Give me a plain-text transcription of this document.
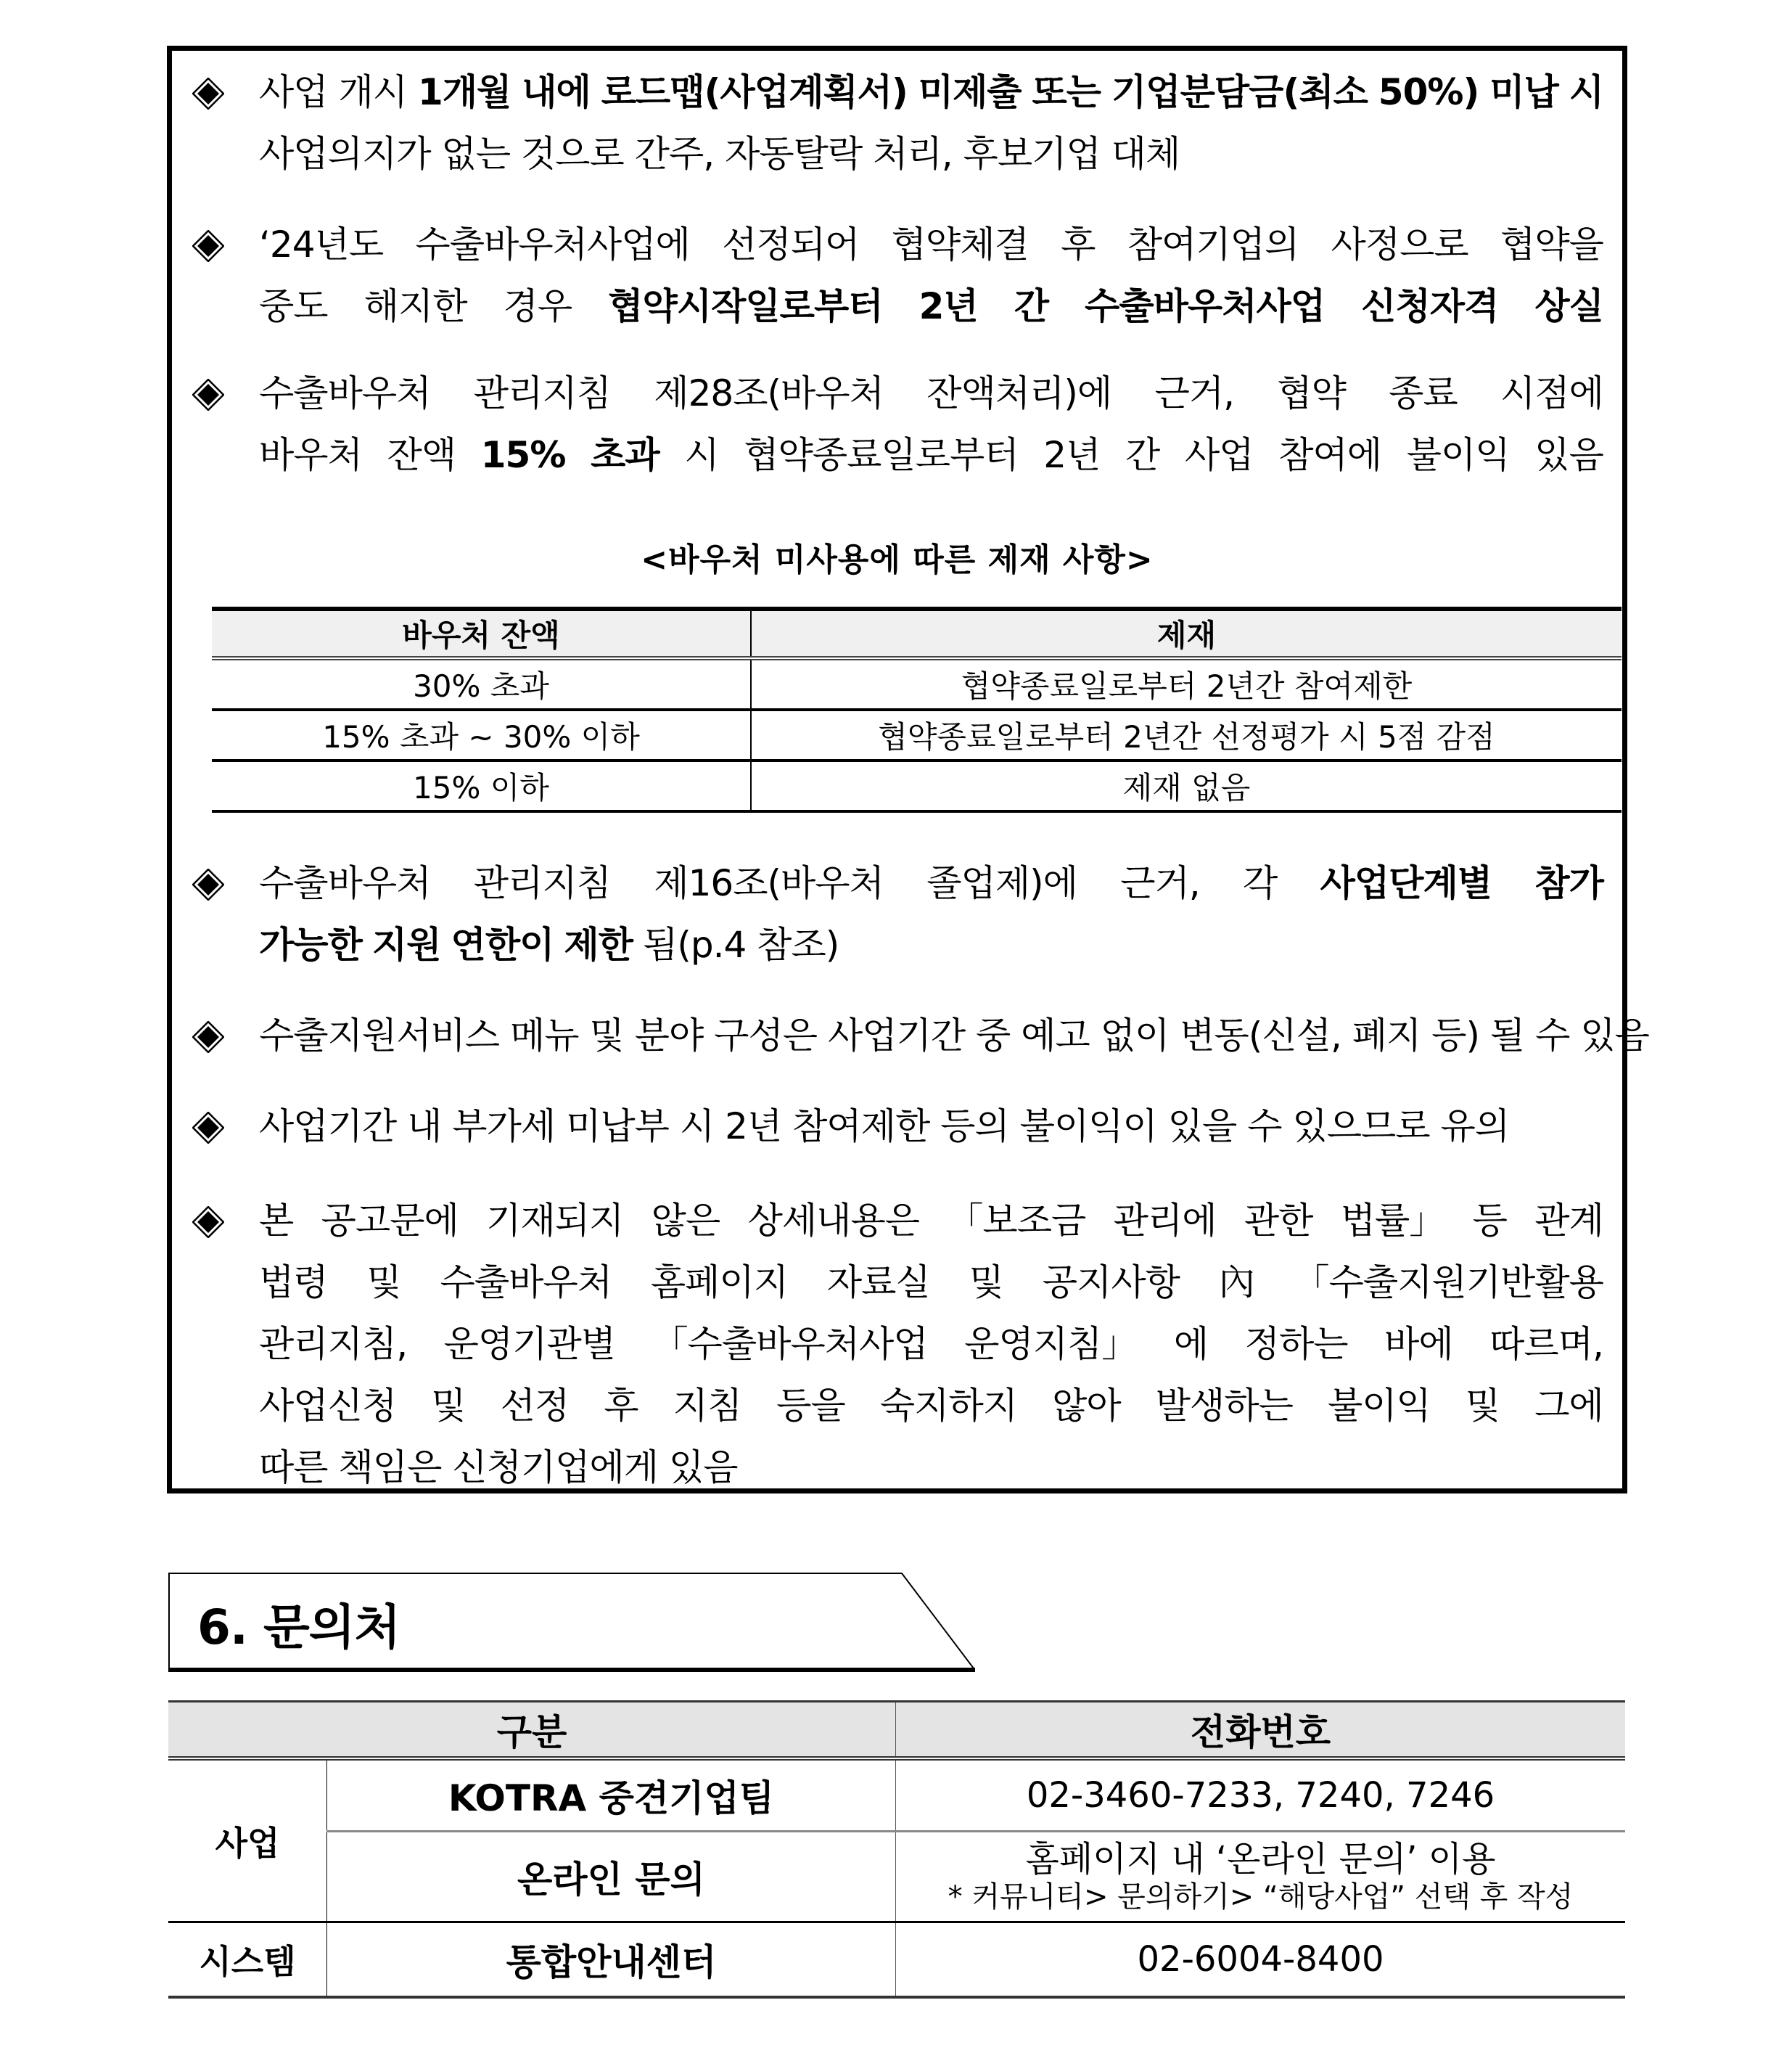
사업 개시 1개월 내에 로드맵(사업계획서) 미제출 또는 기업분담금(최소 50%) 미납 시
사업의지가 없는 것으로 간주, 자동탈락 처리, 후보기업 대체
‘24년도 수출바우처사업에 선정되어 협약체결 후 참여기업의 사정으로 협약을
중도 해지한 경우 협약시작일로부터 2년 간 수출바우처사업 신청자격 상실
수출바우처 관리지침 제28조(바우처 잔액처리)에 근거, 협약 종료 시점에
바우처 잔액 15% 초과 시 협약종료일로부터 2년 간 사업 참여에 불이익 있음
<바우처 미사용에 따른 제재 사항>
바우처 잔액	제재
30% 초과	협약종료일로부터 2년간 참여제한
15% 초과 ~ 30% 이하	협약종료일로부터 2년간 선정평가 시 5점 감점
15% 이하	제재 없음
수출바우처 관리지침 제16조(바우처 졸업제)에 근거, 각 사업단계별 참가
가능한 지원 연한이 제한 됨(p.4 참조)
수출지원서비스 메뉴 및 분야 구성은 사업기간 중 예고 없이 변동(신설, 폐지 등) 될 수 있음
사업기간 내 부가세 미납부 시 2년 참여제한 등의 불이익이 있을 수 있으므로 유의
본 공고문에 기재되지 않은 상세내용은 「보조금 관리에 관한 법률」 등 관계
법령 및 수출바우처 홈페이지 자료실 및 공지사항 內 「수출지원기반활용
관리지침, 운영기관별 「수출바우처사업 운영지침」 에 정하는 바에 따르며,
사업신청 및 선정 후 지침 등을 숙지하지 않아 발생하는 불이익 및 그에
따른 책임은 신청기업에게 있음
6. 문의처
구분		전화번호
사업	KOTRA 중견기업팀	02-3460-7233, 7240, 7246
	온라인 문의	홈페이지 내 ‘온라인 문의’ 이용
* 커뮤니티> 문의하기> “해당사업” 선택 후 작성

시스템	통합안내센터	02-6004-8400
